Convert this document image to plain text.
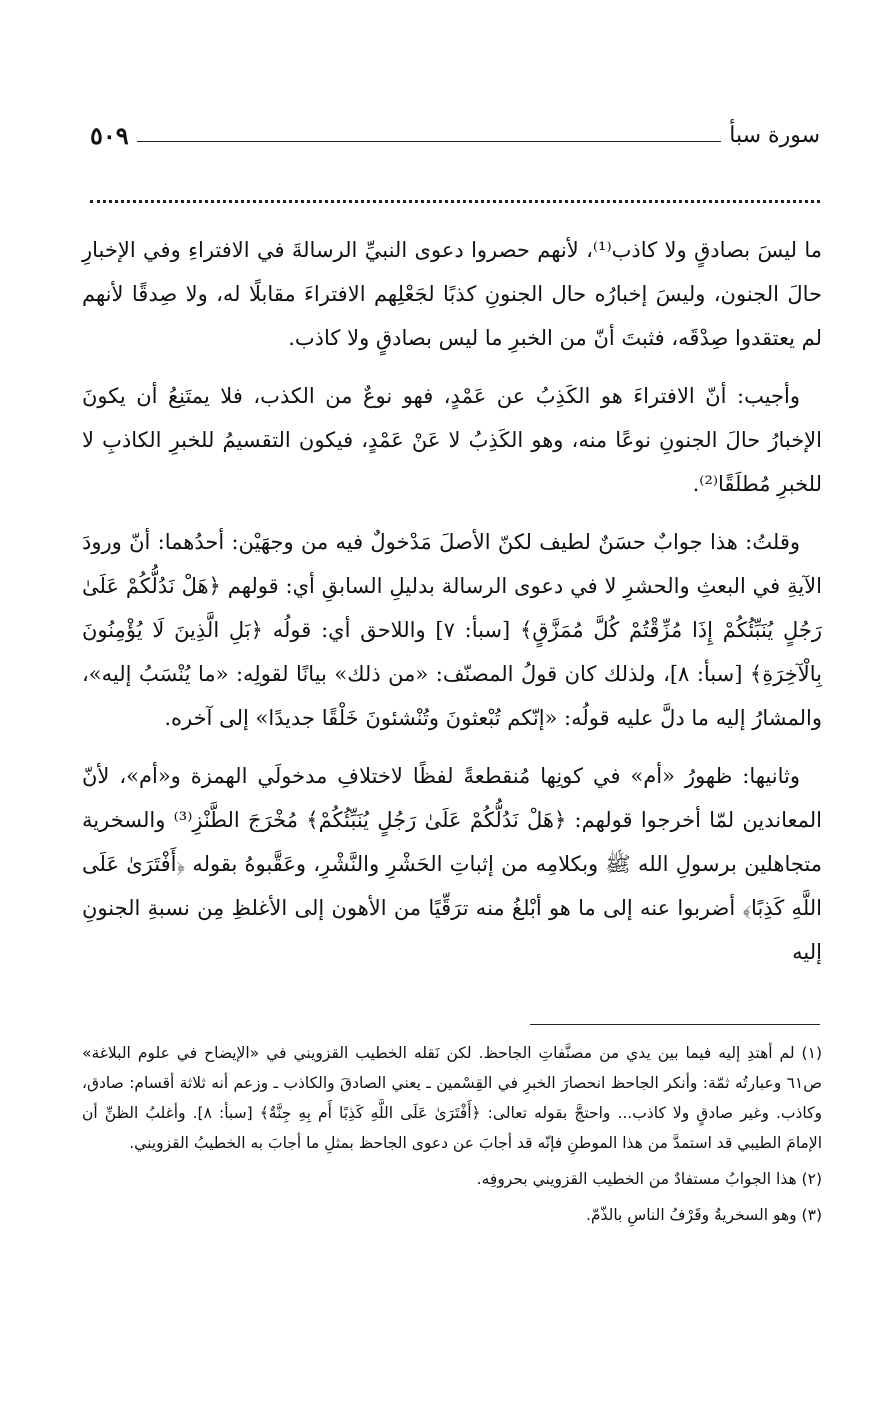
سورة سبأ
٥٠٩

ما ليسَ بصادقٍ ولا كاذب⁽¹⁾، لأنهم حصروا دعوى النبيِّ الرسالةَ في الافتراءِ وفي الإخبارِ حالَ الجنون، وليسَ إخبارُه حال الجنونِ كذبًا لجَعْلِهم الافتراءَ مقابلًا له، ولا صِدقًا لأنهم لم يعتقدوا صِدْقَه، فثبتَ أنّ من الخبرِ ما ليس بصادقٍ ولا كاذب.

وأجيب: أنّ الافتراءَ هو الكَذِبُ عن عَمْدٍ، فهو نوعٌ من الكذب، فلا يمتَنِعُ أن يكونَ الإخبارُ حالَ الجنونِ نوعًا منه، وهو الكَذِبُ لا عَنْ عَمْدٍ، فيكون التقسيمُ للخبرِ الكاذبِ لا للخبرِ مُطلَقًا⁽²⁾.

وقلتُ: هذا جوابٌ حسَنٌ لطيف لكنّ الأصلَ مَدْخولٌ فيه من وجهَيْن: أحدُهما: أنّ ورودَ الآيةِ في البعثِ والحشرِ لا في دعوى الرسالة بدليلِ السابقِ أي: قولهم ﴿هَلْ نَدُلُّكُمْ عَلَىٰ رَجُلٍ يُنَبِّئُكُمْ إِذَا مُزِّقْتُمْ كُلَّ مُمَزَّقٍ﴾ [سبأ: ٧] واللاحق أي: قولُه ﴿بَلِ الَّذِينَ لَا يُؤْمِنُونَ بِالْآخِرَةِ﴾ [سبأ: ٨]، ولذلك كان قولُ المصنّف: «من ذلك» بيانًا لقولِه: «ما يُنْسَبُ إليه»، والمشارُ إليه ما دلَّ عليه قولُه: «إنّكم تُبْعثونَ وتُنْشئونَ خَلْقًا جديدًا» إلى آخره.

وثانيها: ظهورُ «أم» في كونِها مُنقطعةً لفظًا لاختلافِ مدخولَي الهمزة و«أم»، لأنّ المعاندين لمّا أخرجوا قولهم: ﴿هَلْ نَدُلُّكُمْ عَلَىٰ رَجُلٍ يُنَبِّئُكُمْ﴾ مُخْرَجَ الطَّنْزِ⁽³⁾ والسخرية متجاهلين برسولِ الله ﷺ وبكلامِه من إثباتِ الحَشْرِ والنَّشْرِ، وعَقَّبوهُ بقوله ﴿أَفْتَرَىٰ عَلَى اللَّهِ كَذِبًا﴾ أضربوا عنه إلى ما هو أبْلغُ منه ترَقِّيًا من الأهون إلى الأغلظِ مِن نسبةِ الجنونِ إليه

(١) لم أهتدِ إليه فيما بين يدي من مصنَّفاتِ الجاحظ. لكن نَقله الخطيب القزويني في «الإيضاح في علوم البلاغة» ص٦١ وعبارتُه ثمّة: وأنكر الجاحظ انحصارَ الخبرِ في القِسْمين ـ يعني الصادقَ والكاذب ـ وزعم أنه ثلاثة أقسام: صادق، وكاذب. وغير صادقٍ ولا كاذب... واحتجَّ بقوله تعالى: ﴿أَفْتَرَىٰ عَلَى اللَّهِ كَذِبًا أَم بِهِ جِنَّةٌ﴾ [سبأ: ٨]. وأغلبُ الظنِّ أن الإمامَ الطيبي قد استمدَّ من هذا الموطنِ فإنّه قد أجابَ عن دعوى الجاحظ بمثلِ ما أجابَ به الخطيبُ القزويني.

(٢) هذا الجوابُ مستفادٌ من الخطيب القزويني بحروفِه.

(٣) وهو السخريةُ وقَرْفُ الناسِ بالذّمّ.
